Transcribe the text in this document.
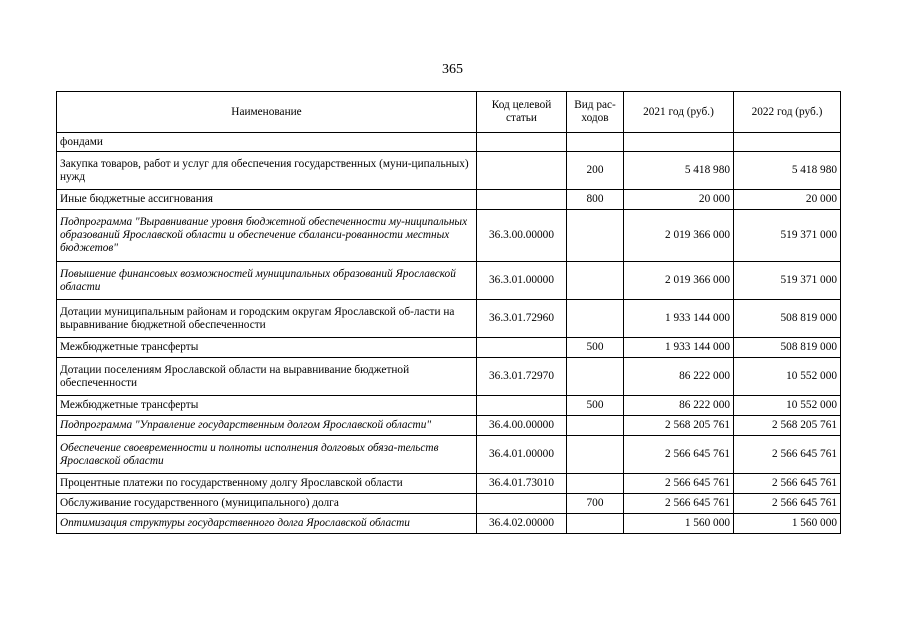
365
Наименование	Код целевой статьи	Вид рас-ходов	2021 год (руб.)	2022 год (руб.)
фондами				
Закупка товаров, работ и услуг для обеспечения государственных (муни-ципальных) нужд		200	5 418 980	5 418 980
Иные бюджетные ассигнования		800	20 000	20 000
Подпрограмма "Выравнивание уровня бюджетной обеспеченности му-ниципальных образований Ярославской области и обеспечение сбаланси-рованности местных бюджетов"	36.3.00.00000		2 019 366 000	519 371 000
Повышение финансовых возможностей муниципальных образований Ярославской области	36.3.01.00000		2 019 366 000	519 371 000
Дотации муниципальным районам и городским округам Ярославской об-ласти на выравнивание бюджетной обеспеченности	36.3.01.72960		1 933 144 000	508 819 000
Межбюджетные трансферты		500	1 933 144 000	508 819 000
Дотации поселениям Ярославской области на выравнивание бюджетной обеспеченности	36.3.01.72970		86 222 000	10 552 000
Межбюджетные трансферты		500	86 222 000	10 552 000
Подпрограмма "Управление государственным долгом Ярославской области"	36.4.00.00000		2 568 205 761	2 568 205 761
Обеспечение своевременности и полноты исполнения долговых обяза-тельств Ярославской области	36.4.01.00000		2 566 645 761	2 566 645 761
Процентные платежи по государственному долгу Ярославской области	36.4.01.73010		2 566 645 761	2 566 645 761
Обслуживание государственного (муниципального) долга		700	2 566 645 761	2 566 645 761
Оптимизация структуры государственного долга Ярославской области	36.4.02.00000		1 560 000	1 560 000
